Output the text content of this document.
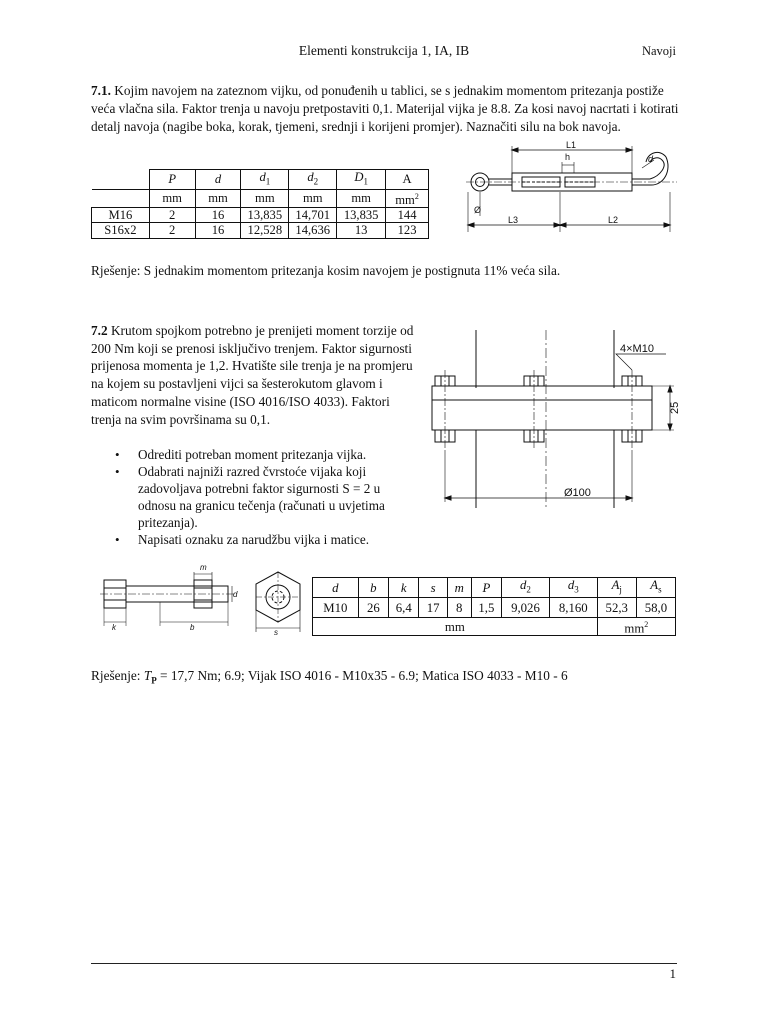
Elementi konstrukcija 1, IA, IB	Navoji
7.1. Kojim navojem na zateznom vijku, od ponuđenih u tablici, se s jednakim momentom pritezanja postiže veća vlačna sila. Faktor trenja u navoju pretpostaviti 0,1. Materijal vijka je 8.8. Za kosi navoj nacrtati i kotirati detalj navoja (nagibe boka, korak, tjemeni, srednji i korijeni promjer). Naznačiti silu na bok navoja.
	P	d	$d_1$	$d_2$	$D_1$	A
	mm	mm	mm	mm	mm	$mm^2$
M16	2	16	13,835	14,701	13,835	144
S16x2	2	16	12,528	14,636	13	123
L1
h	d
Ø
L3	L2
Rješenje: S jednakim momentom pritezanja kosim navojem je postignuta 11% veća sila.
7.2 Krutom spojkom potrebno je prenijeti moment torzije od 200 Nm koji se prenosi isključivo trenjem. Faktor sigurnosti prijenosa momenta je 1,2. Hvatište sile trenja je na promjeru na kojem su postavljeni vijci sa šesterokutom glavom i maticom normalne visine (ISO 4016/ISO 4033). Faktori trenja na svim površinama su 0,1.
• Odrediti potreban moment pritezanja vijka.
• Odabrati najniži razred čvrstoće vijaka koji zadovoljava potrebni faktor sigurnosti S = 2 u odnosu na granicu tečenja (računati u uvjetima pritezanja).
• Napisati oznaku za narudžbu vijka i matice.
4×M10
25
Ø100
m
k	b
d
s
d	b	k	s	m	P	$d_2$	$d_3$	$A_j$	$A_s$
M10	26	6,4	17	8	1,5	9,026	8,160	52,3	58,0
mm								$mm^2$
Rješenje: $T_P = 17,7$ Nm; 6.9; Vijak ISO 4016 - M10x35 - 6.9; Matica ISO 4033 - M10 - 6
1
